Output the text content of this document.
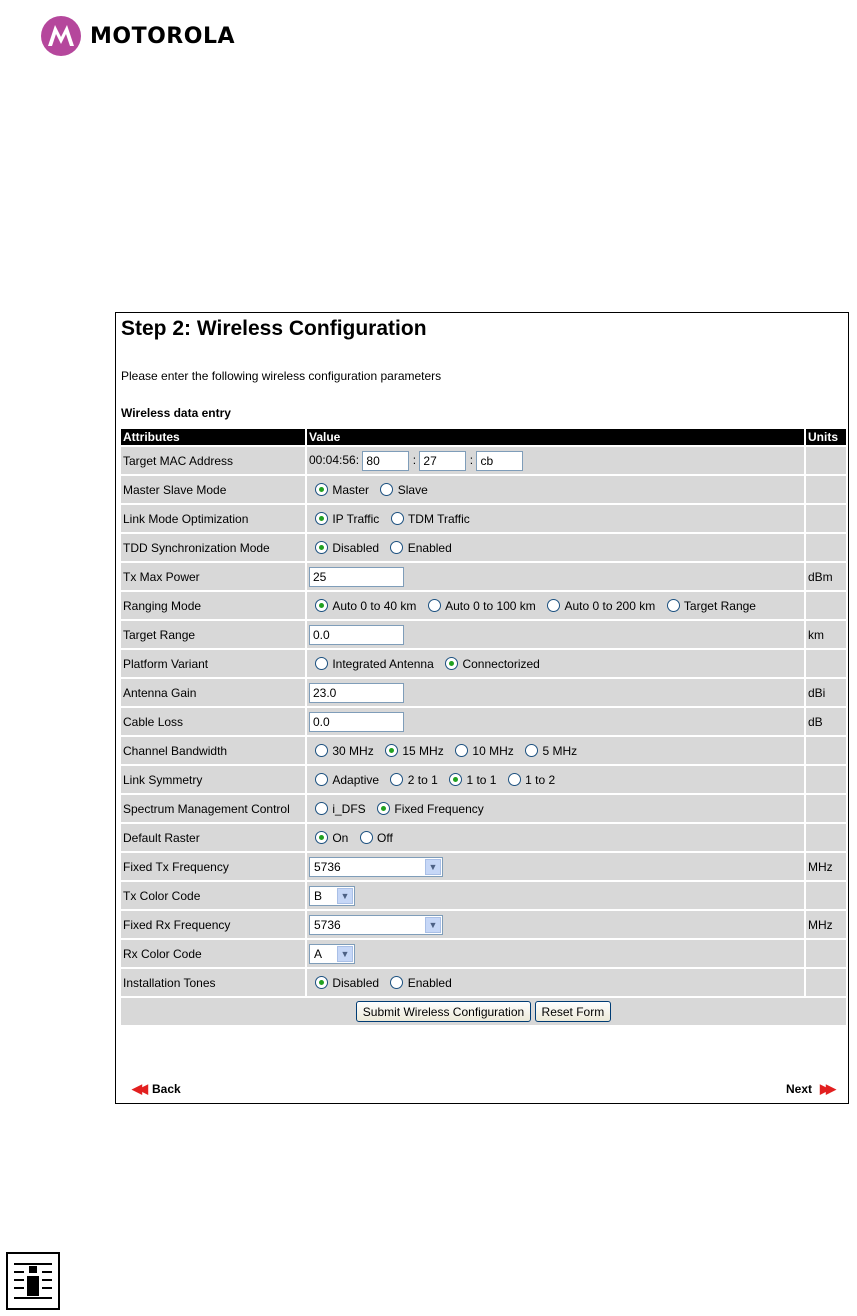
MOTOROLA
Step 2: Wireless Configuration
Please enter the following wireless configuration parameters
Wireless data entry
Attributes	Value	Units
Target MAC Address	00:04:56: 80 : 27 : cb	
Master Slave Mode	Master Slave	
Link Mode Optimization	IP Traffic TDM Traffic	
TDD Synchronization Mode	Disabled Enabled	
Tx Max Power	25	dBm
Ranging Mode	Auto 0 to 40 km Auto 0 to 100 km Auto 0 to 200 km Target Range	
Target Range	0.0	km
Platform Variant	Integrated Antenna Connectorized	
Antenna Gain	23.0	dBi
Cable Loss	0.0	dB
Channel Bandwidth	30 MHz 15 MHz 10 MHz 5 MHz	
Link Symmetry	Adaptive 2 to 1 1 to 1 1 to 2	
Spectrum Management Control	i_DFS Fixed Frequency	
Default Raster	On Off	
Fixed Tx Frequency	5736 ▼	MHz
Tx Color Code	B ▼	

Fixed Rx Frequency	5736 ▼	MHz
Rx Color Code	A ▼	

Installation Tones	Disabled Enabled	
Submit Wireless Configuration Reset Form		
◀◀ Back	Next ▶▶
